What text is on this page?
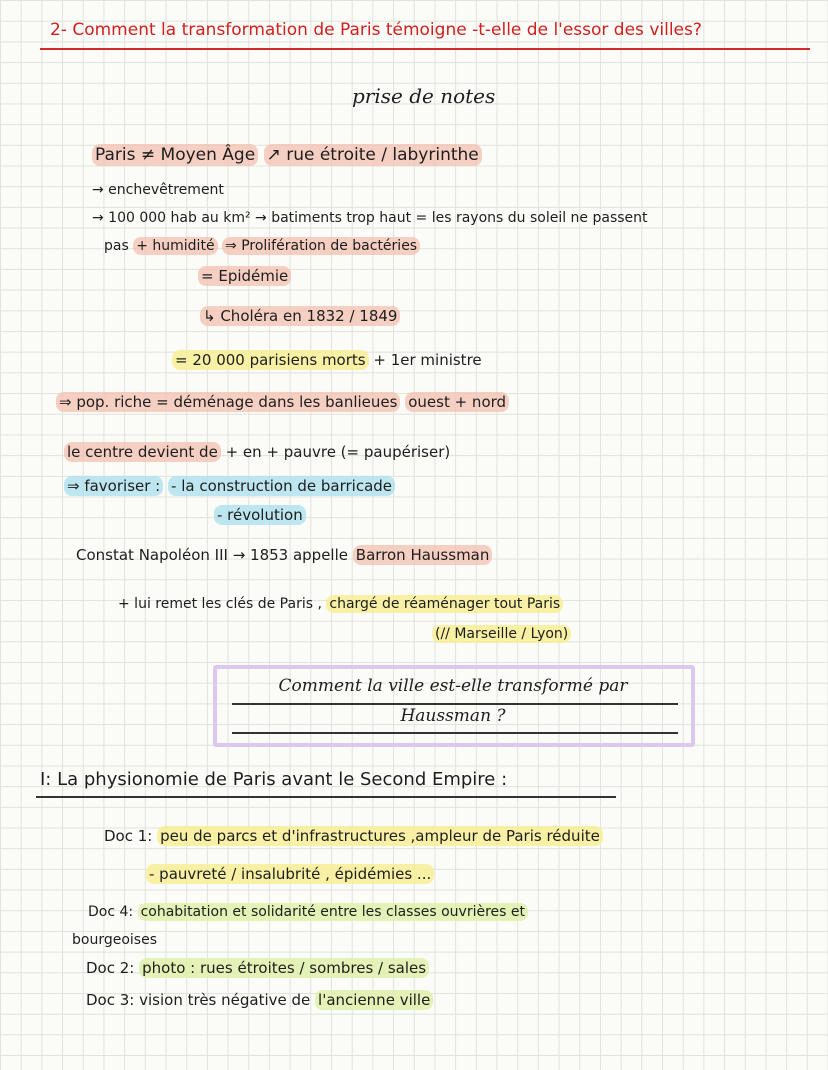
2- Comment la transformation de Paris témoigne -t-elle de l'essor des villes?
prise de notes
Paris ≠ Moyen Âge ↗ rue étroite / labyrinthe
→ enchevêtrement
→ 100 000 hab au km² → batiments trop haut = les rayons du soleil ne passent
pas + humidité ⇒ Prolifération de bactéries
= Epidémie
↳ Choléra en 1832 / 1849
= 20 000 parisiens morts + 1er ministre
⇒ pop. riche = déménage dans les banlieues ouest + nord
le centre devient de + en + pauvre (= paupériser)
⇒ favoriser : - la construction de barricade
- révolution
Constat Napoléon III → 1853 appelle Barron Haussman
+ lui remet les clés de Paris , chargé de réaménager tout Paris
(// Marseille / Lyon)
Comment la ville est-elle transformé par
Haussman ?
I: La physionomie de Paris avant le Second Empire :
Doc 1: peu de parcs et d'infrastructures ,ampleur de Paris réduite
- pauvreté / insalubrité , épidémies ...
Doc 4: cohabitation et solidarité entre les classes ouvrières et
bourgeoises
Doc 2: photo : rues étroites / sombres / sales
Doc 3: vision très négative de l'ancienne ville
